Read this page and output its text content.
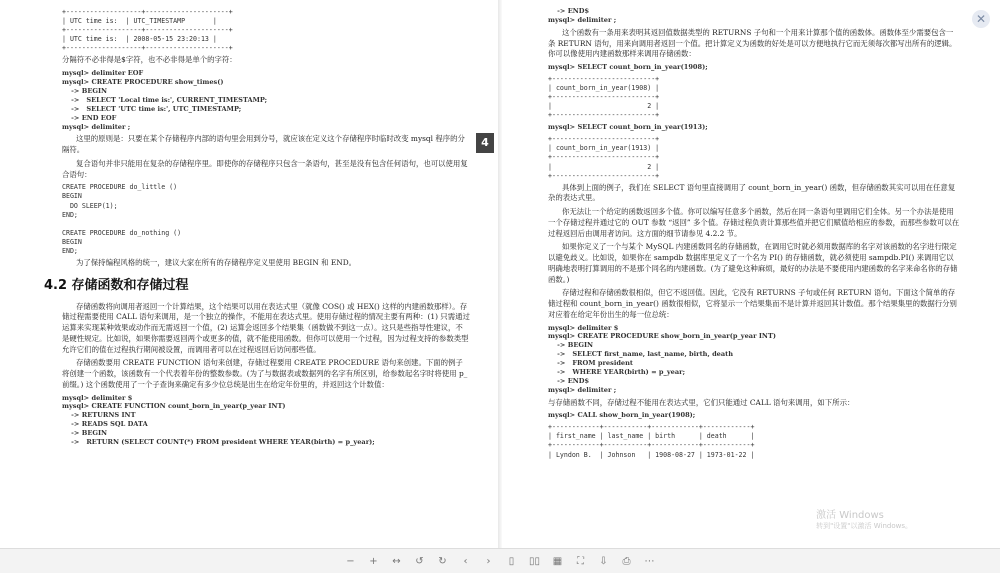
+-------------------+---------------------+
| UTC time is:  | UTC_TIMESTAMP       |
+-------------------+---------------------+
| UTC time is:  | 2008-05-15 23:20:13 |
+-------------------+---------------------+

分隔符不必非得是$字符，也不必非得是单个的字符：

mysql> delimiter EOF
mysql> CREATE PROCEDURE show_times()
-> BEGIN
->   SELECT 'Local time is:', CURRENT_TIMESTAMP;
->   SELECT 'UTC time is:', UTC_TIMESTAMP;
-> END EOF
mysql> delimiter ;

这里的原则是：只要在某个存储程序内部的语句里会用到分号，就应该在定义这个存储程序时临时改变 mysql 程序的分隔符。

复合语句并非只能用在复杂的存储程序里。即使你的存储程序只包含一条语句，甚至是没有包含任何语句，也可以使用复合语句：

CREATE PROCEDURE do_little ()
BEGIN
DO SLEEP(1);
END;

CREATE PROCEDURE do_nothing ()
BEGIN
END;

为了保持编程风格的统一，建议大家在所有的存储程序定义里使用 BEGIN 和 END。

4.2 存储函数和存储过程

存储函数将向调用者返回一个计算结果，这个结果可以用在表达式里（就像 COS() 或 HEX() 这样的内建函数那样）。存储过程需要使用 CALL 语句来调用，是一个独立的操作，不能用在表达式里。使用存储过程的情况主要有两种：(1) 只需通过运算来实现某种效果或动作而无需返回一个值，(2) 运算会返回多个结果集（函数做不到这一点）。这只是些指导性建议，不是硬性规定。比如说，如果你需要返回两个或更多的值，就不能使用函数。但你可以使用一个过程，因为过程支持的参数类型允许它们的值在过程执行期间被设置，而调用者可以在过程返回后访问那些值。

存储函数要用 CREATE FUNCTION 语句来创建，存储过程要用 CREATE PROCEDURE 语句来创建。下面的例子将创建一个函数，该函数有一个代表着年份的整数参数。(为了与数据表或数据列的名字有所区别，给参数起名字时将使用 p_前缀。) 这个函数使用了一个子查询来确定有多少位总统是出生在给定年份里的，并返回这个计数值：

mysql> delimiter $
mysql> CREATE FUNCTION count_born_in_year(p_year INT)
-> RETURNS INT
-> READS SQL DATA
-> BEGIN
->   RETURN (SELECT COUNT(*) FROM president WHERE YEAR(birth) = p_year);
-> END$
mysql> delimiter ;

这个函数有一条用来表明其返回值数据类型的 RETURNS 子句和一个用来计算那个值的函数体。函数体至少需要包含一条 RETURN 语句，用来向调用者返回一个值。把计算定义为函数的好处是可以方便地执行它而无须每次都写出所有的逻辑。你可以像使用内建函数那样来调用存储函数：

mysql> SELECT count_born_in_year(1908);
+--------------------------+
| count_born_in_year(1908) |
+--------------------------+
|                        2 |
+--------------------------+
mysql> SELECT count_born_in_year(1913);
+--------------------------+
| count_born_in_year(1913) |
+--------------------------+
|                        2 |
+--------------------------+

具体到上面的例子，我们在 SELECT 语句里直接调用了 count_born_in_year() 函数，但存储函数其实可以用在任意复杂的表达式里。

你无法让一个给定的函数返回多个值。你可以编写任意多个函数，然后在同一条语句里调用它们全体。另一个办法是使用一个存储过程并通过它的 OUT 参数 “返回” 多个值。存储过程负责计算那些值并把它们赋值给相应的参数，而那些参数可以在过程返回后由调用者访问。这方面的细节请参见 4.2.2 节。

如果你定义了一个与某个 MySQL 内建函数同名的存储函数，在调用它时就必须用数据库的名字对该函数的名字进行限定以避免歧义。比如说，如果你在 sampdb 数据库里定义了一个名为 PI() 的存储函数，就必须使用 sampdb.PI() 来调用它以明确地表明打算调用的不是那个同名的内建函数。(为了避免这种麻烦，最好的办法是不要使用内建函数的名字来命名你的存储函数。)

存储过程和存储函数很相似，但它不返回值。因此，它没有 RETURNS 子句或任何 RETURN 语句。下面这个简单的存储过程和 count_born_in_year() 函数很相似，它将显示一个结果集而不是计算并返回其计数值。那个结果集里的数据行分别对应着在给定年份出生的每一位总统：

mysql> delimiter $
mysql> CREATE PROCEDURE show_born_in_year(p_year INT)
-> BEGIN
->   SELECT first_name, last_name, birth, death
->   FROM president
->   WHERE YEAR(birth) = p_year;
-> END$
mysql> delimiter ;

与存储函数不同，存储过程不能用在表达式里，它们只能通过 CALL 语句来调用，如下所示：

mysql> CALL show_born_in_year(1908);
+------------+-----------+------------+------------+
| first_name | last_name | birth      | death      |
+------------+-----------+------------+------------+
| Lyndon B.  | Johnson   | 1908-08-27 | 1973-01-22 |
4
✕
激活 Windows
转到"设置"以激活 Windows。
− + ↔ ↺ ↻	‹	›	▯	▯▯ ▦	⛶	⇩	⎙	⋯
